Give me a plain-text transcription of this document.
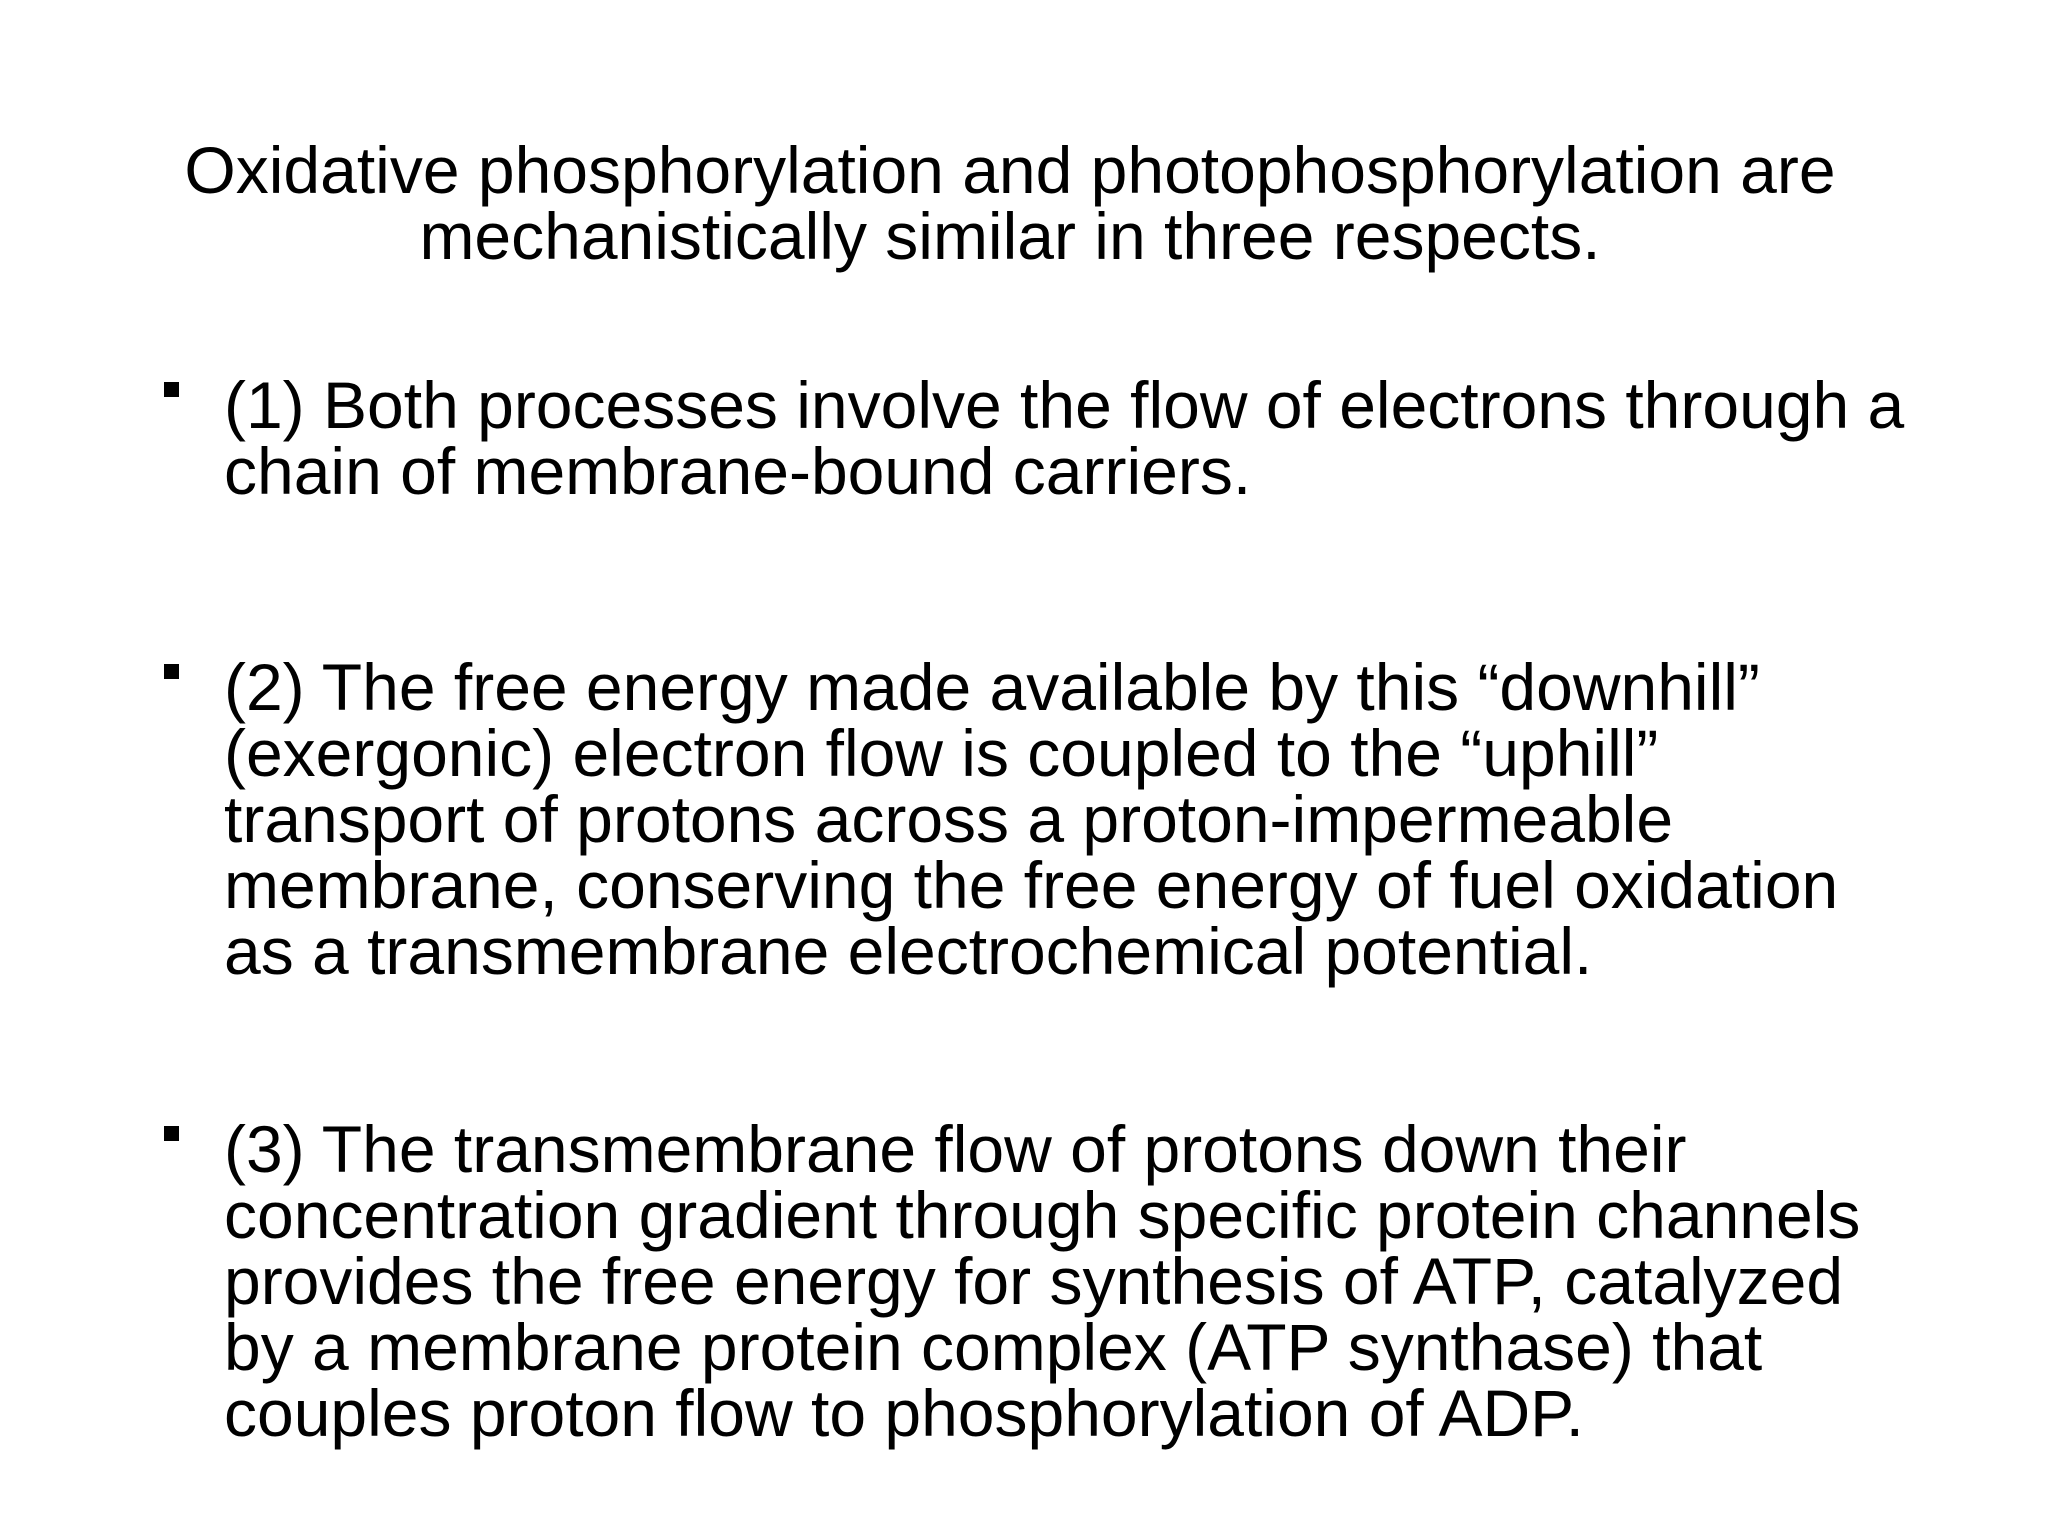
Oxidative phosphorylation and photophosphorylation are
mechanistically similar in three respects.
(1) Both processes involve the flow of electrons through a
chain of membrane-bound carriers.
(2) The free energy made available by this “downhill”
(exergonic) electron flow is coupled to the “uphill”
transport of protons across a proton-impermeable
membrane, conserving the free energy of fuel oxidation
as a transmembrane electrochemical potential.
(3) The transmembrane flow of protons down their
concentration gradient through specific protein channels
provides the free energy for synthesis of ATP, catalyzed
by a membrane protein complex (ATP synthase) that
couples proton flow to phosphorylation of ADP.
